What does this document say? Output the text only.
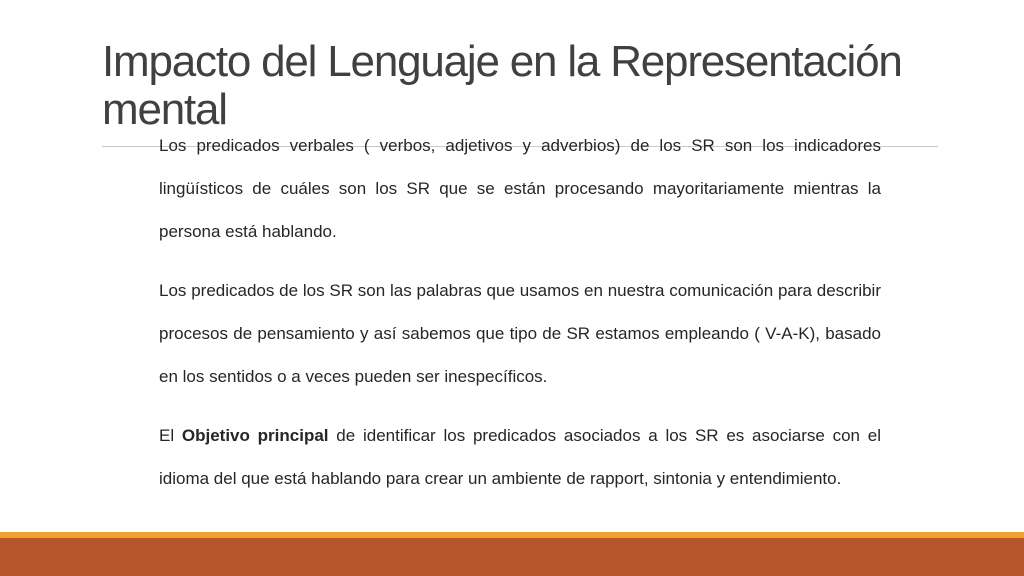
Impacto del Lenguaje en la Representación mental

Los predicados verbales ( verbos, adjetivos y adverbios) de los SR son los indicadores lingüísticos de cuáles son los SR que se están procesando mayoritariamente mientras la persona está hablando.

Los predicados de los SR son las palabras que usamos en nuestra comunicación para describir procesos de pensamiento y así sabemos que tipo de SR estamos empleando ( V-A-K), basado en los sentidos o a veces pueden ser inespecíficos.

El Objetivo principal de identificar los predicados asociados a los SR es asociarse con el idioma del que está hablando para crear un ambiente de rapport, sintonia y entendimiento.
